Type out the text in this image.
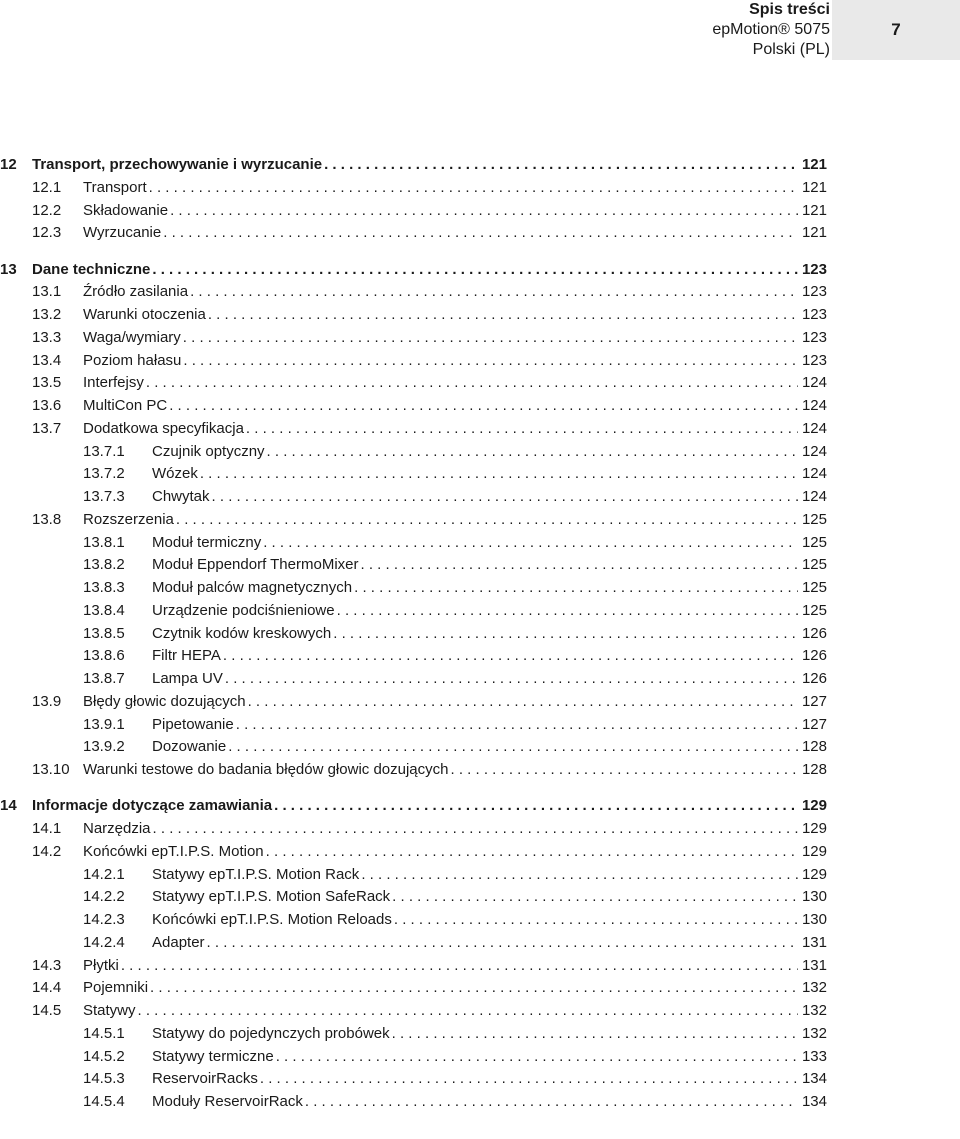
Spis treści
epMotion® 5075
Polski (PL)
7
12	Transport, przechowywanie i wyrzucanie . . .	121
12.1	Transport . . .	121
12.2	Składowanie . . .	121
12.3	Wyrzucanie . . .	121
13	Dane techniczne . . .	123
13.1	Źródło zasilania . . .	123
13.2	Warunki otoczenia . . .	123
13.3	Waga/wymiary . . .	123
13.4	Poziom hałasu . . .	123
13.5	Interfejsy . . .	124
13.6	MultiCon PC . . .	124
13.7	Dodatkowa specyfikacja . . .	124
13.7.1	Czujnik optyczny . . .	124
13.7.2	Wózek . . .	124
13.7.3	Chwytak . . .	124
13.8	Rozszerzenia . . .	125
13.8.1	Moduł termiczny . . .	125
13.8.2	Moduł Eppendorf ThermoMixer . . .	125
13.8.3	Moduł palców magnetycznych . . .	125
13.8.4	Urządzenie podciśnieniowe . . .	125
13.8.5	Czytnik kodów kreskowych . . .	126
13.8.6	Filtr HEPA . . .	126
13.8.7	Lampa UV . . .	126
13.9	Błędy głowic dozujących . . .	127
13.9.1	Pipetowanie . . .	127
13.9.2	Dozowanie . . .	128
13.10 Warunki testowe do badania błędów głowic dozujących . . .	128
14	Informacje dotyczące zamawiania . . .	129
14.1	Narzędzia . . .	129
14.2	Końcówki epT.I.P.S. Motion . . .	129
14.2.1	Statywy epT.I.P.S. Motion Rack . . .	129
14.2.2	Statywy epT.I.P.S. Motion SafeRack . . .	130
14.2.3	Końcówki epT.I.P.S. Motion Reloads . . .	130
14.2.4	Adapter . . .	131
14.3	Płytki . . .	131
14.4	Pojemniki . . .	132
14.5	Statywy . . .	132
14.5.1	Statywy do pojedynczych probówek . . .	132
14.5.2	Statywy termiczne . . .	133
14.5.3	ReservoirRacks . . .	134
14.5.4	Moduły ReservoirRack . . .	134
